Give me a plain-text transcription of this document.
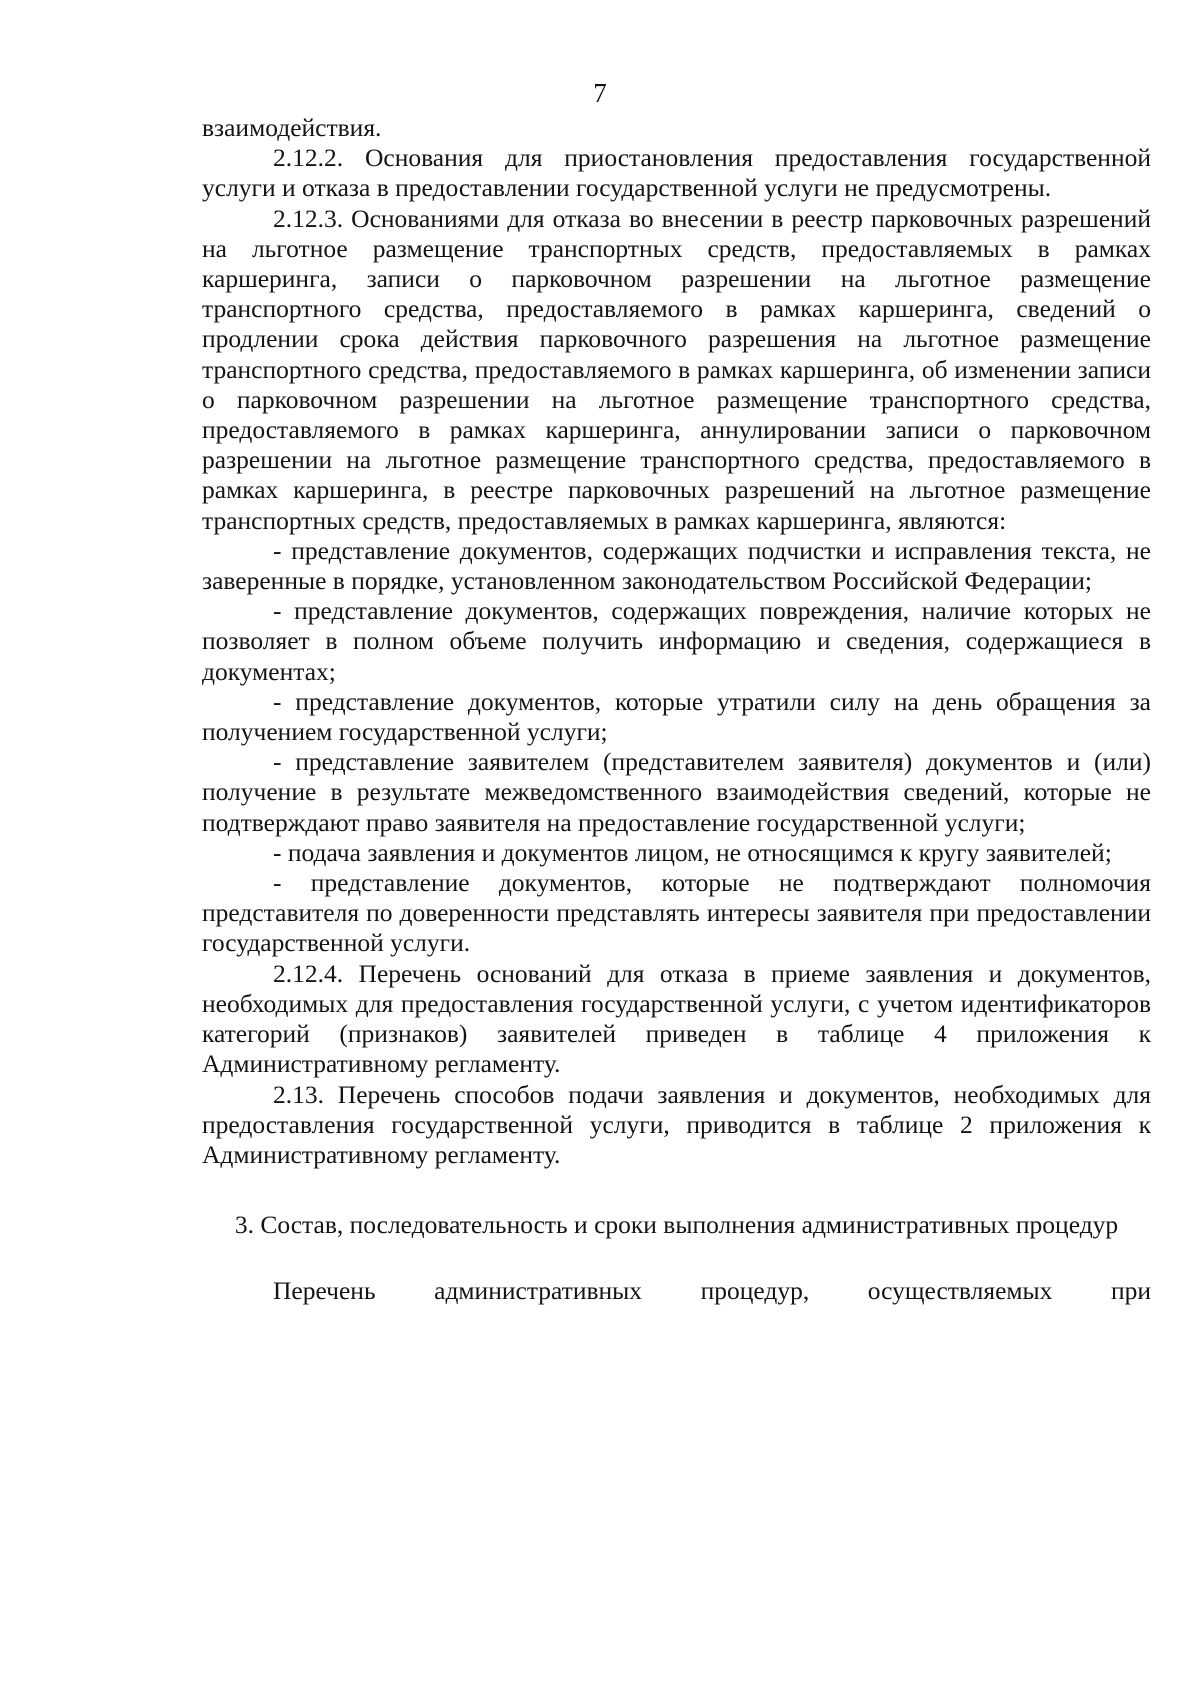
7

взаимодействия.

2.12.2. Основания для приостановления предоставления государственной услуги и отказа в предоставлении государственной услуги не предусмотрены.

2.12.3. Основаниями для отказа во внесении в реестр парковочных разрешений на льготное размещение транспортных средств, предоставляемых в рамках каршеринга, записи о парковочном разрешении на льготное размещение транспортного средства, предоставляемого в рамках каршеринга, сведений о продлении срока действия парковочного разрешения на льготное размещение транспортного средства, предоставляемого в рамках каршеринга, об изменении записи о парковочном разрешении на льготное размещение транспортного средства, предоставляемого в рамках каршеринга, аннулировании записи о парковочном разрешении на льготное размещение транспортного средства, предоставляемого в рамках каршеринга, в реестре парковочных разрешений на льготное размещение транспортных средств, предоставляемых в рамках каршеринга, являются:

- представление документов, содержащих подчистки и исправления текста, не заверенные в порядке, установленном законодательством Российской Федерации;

- представление документов, содержащих повреждения, наличие которых не позволяет в полном объеме получить информацию и сведения, содержащиеся в документах;

- представление документов, которые утратили силу на день обращения за получением государственной услуги;

- представление заявителем (представителем заявителя) документов и (или) получение в результате межведомственного взаимодействия сведений, которые не подтверждают право заявителя на предоставление государственной услуги;

- подача заявления и документов лицом, не относящимся к кругу заявителей;

- представление документов, которые не подтверждают полномочия представителя по доверенности представлять интересы заявителя при предоставлении государственной услуги.

2.12.4. Перечень оснований для отказа в приеме заявления и документов, необходимых для предоставления государственной услуги, с учетом идентификаторов категорий (признаков) заявителей приведен в таблице 4 приложения к Административному регламенту.

2.13. Перечень способов подачи заявления и документов, необходимых для предоставления государственной услуги, приводится в таблице 2 приложения к Административному регламенту.

3. Состав, последовательность и сроки выполнения административных процедур

Перечень административных процедур, осуществляемых при
